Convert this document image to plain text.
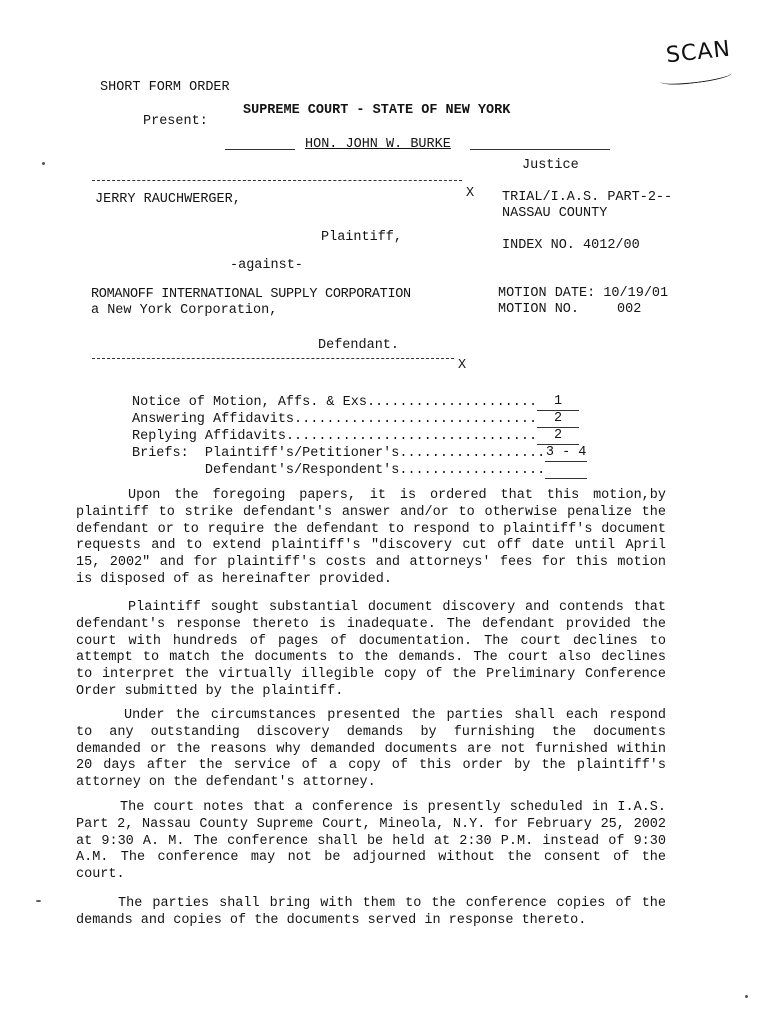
SCAN
SHORT FORM ORDER
SUPREME COURT - STATE OF NEW YORK
Present:
HON. JOHN W. BURKE
Justice
X
JERRY RAUCHWERGER,
Plaintiff,
-against-
ROMANOFF INTERNATIONAL SUPPLY CORPORATION
a New York Corporation,
Defendant.
X
TRIAL/I.A.S. PART-2--
NASSAU COUNTY
INDEX NO. 4012/00
MOTION DATE: 10/19/01
MOTION NO.	002
Notice of Motion, Affs. & Exs. ....................	1
Answering Affidavits ..............................	2
Replying Affidavits ...............................	2
Briefs:  Plaintiff's/Petitioner's .................. 3 - 4
Defendant's/Respondent's ..................

Upon the foregoing papers, it is ordered that this motion,by plaintiff to strike defendant's answer and/or to otherwise penalize the defendant or to require the defendant to respond to plaintiff's document requests and to extend plaintiff's "discovery cut off date until April 15, 2002" and for plaintiff's costs and attorneys' fees for this motion is disposed of as hereinafter provided.

Plaintiff sought substantial document discovery and contends that defendant's response thereto is inadequate. The defendant provided the court with hundreds of pages of documentation. The court declines to attempt to match the documents to the demands. The court also declines to interpret the virtually illegible copy of the Preliminary Conference Order submitted by the plaintiff.

Under the circumstances presented the parties shall each respond to any outstanding discovery demands by furnishing the documents demanded or the reasons why demanded documents are not furnished within 20 days after the service of a copy of this order by the plaintiff's attorney on the defendant's attorney.

The court notes that a conference is presently scheduled in I.A.S. Part 2, Nassau County Supreme Court, Mineola, N.Y. for February 25, 2002 at 9:30 A. M. The conference shall be held at 2:30 P.M. instead of 9:30 A.M. The conference may not be adjourned without the consent of the court.

The parties shall bring with them to the conference copies of the demands and copies of the documents served in response thereto.
